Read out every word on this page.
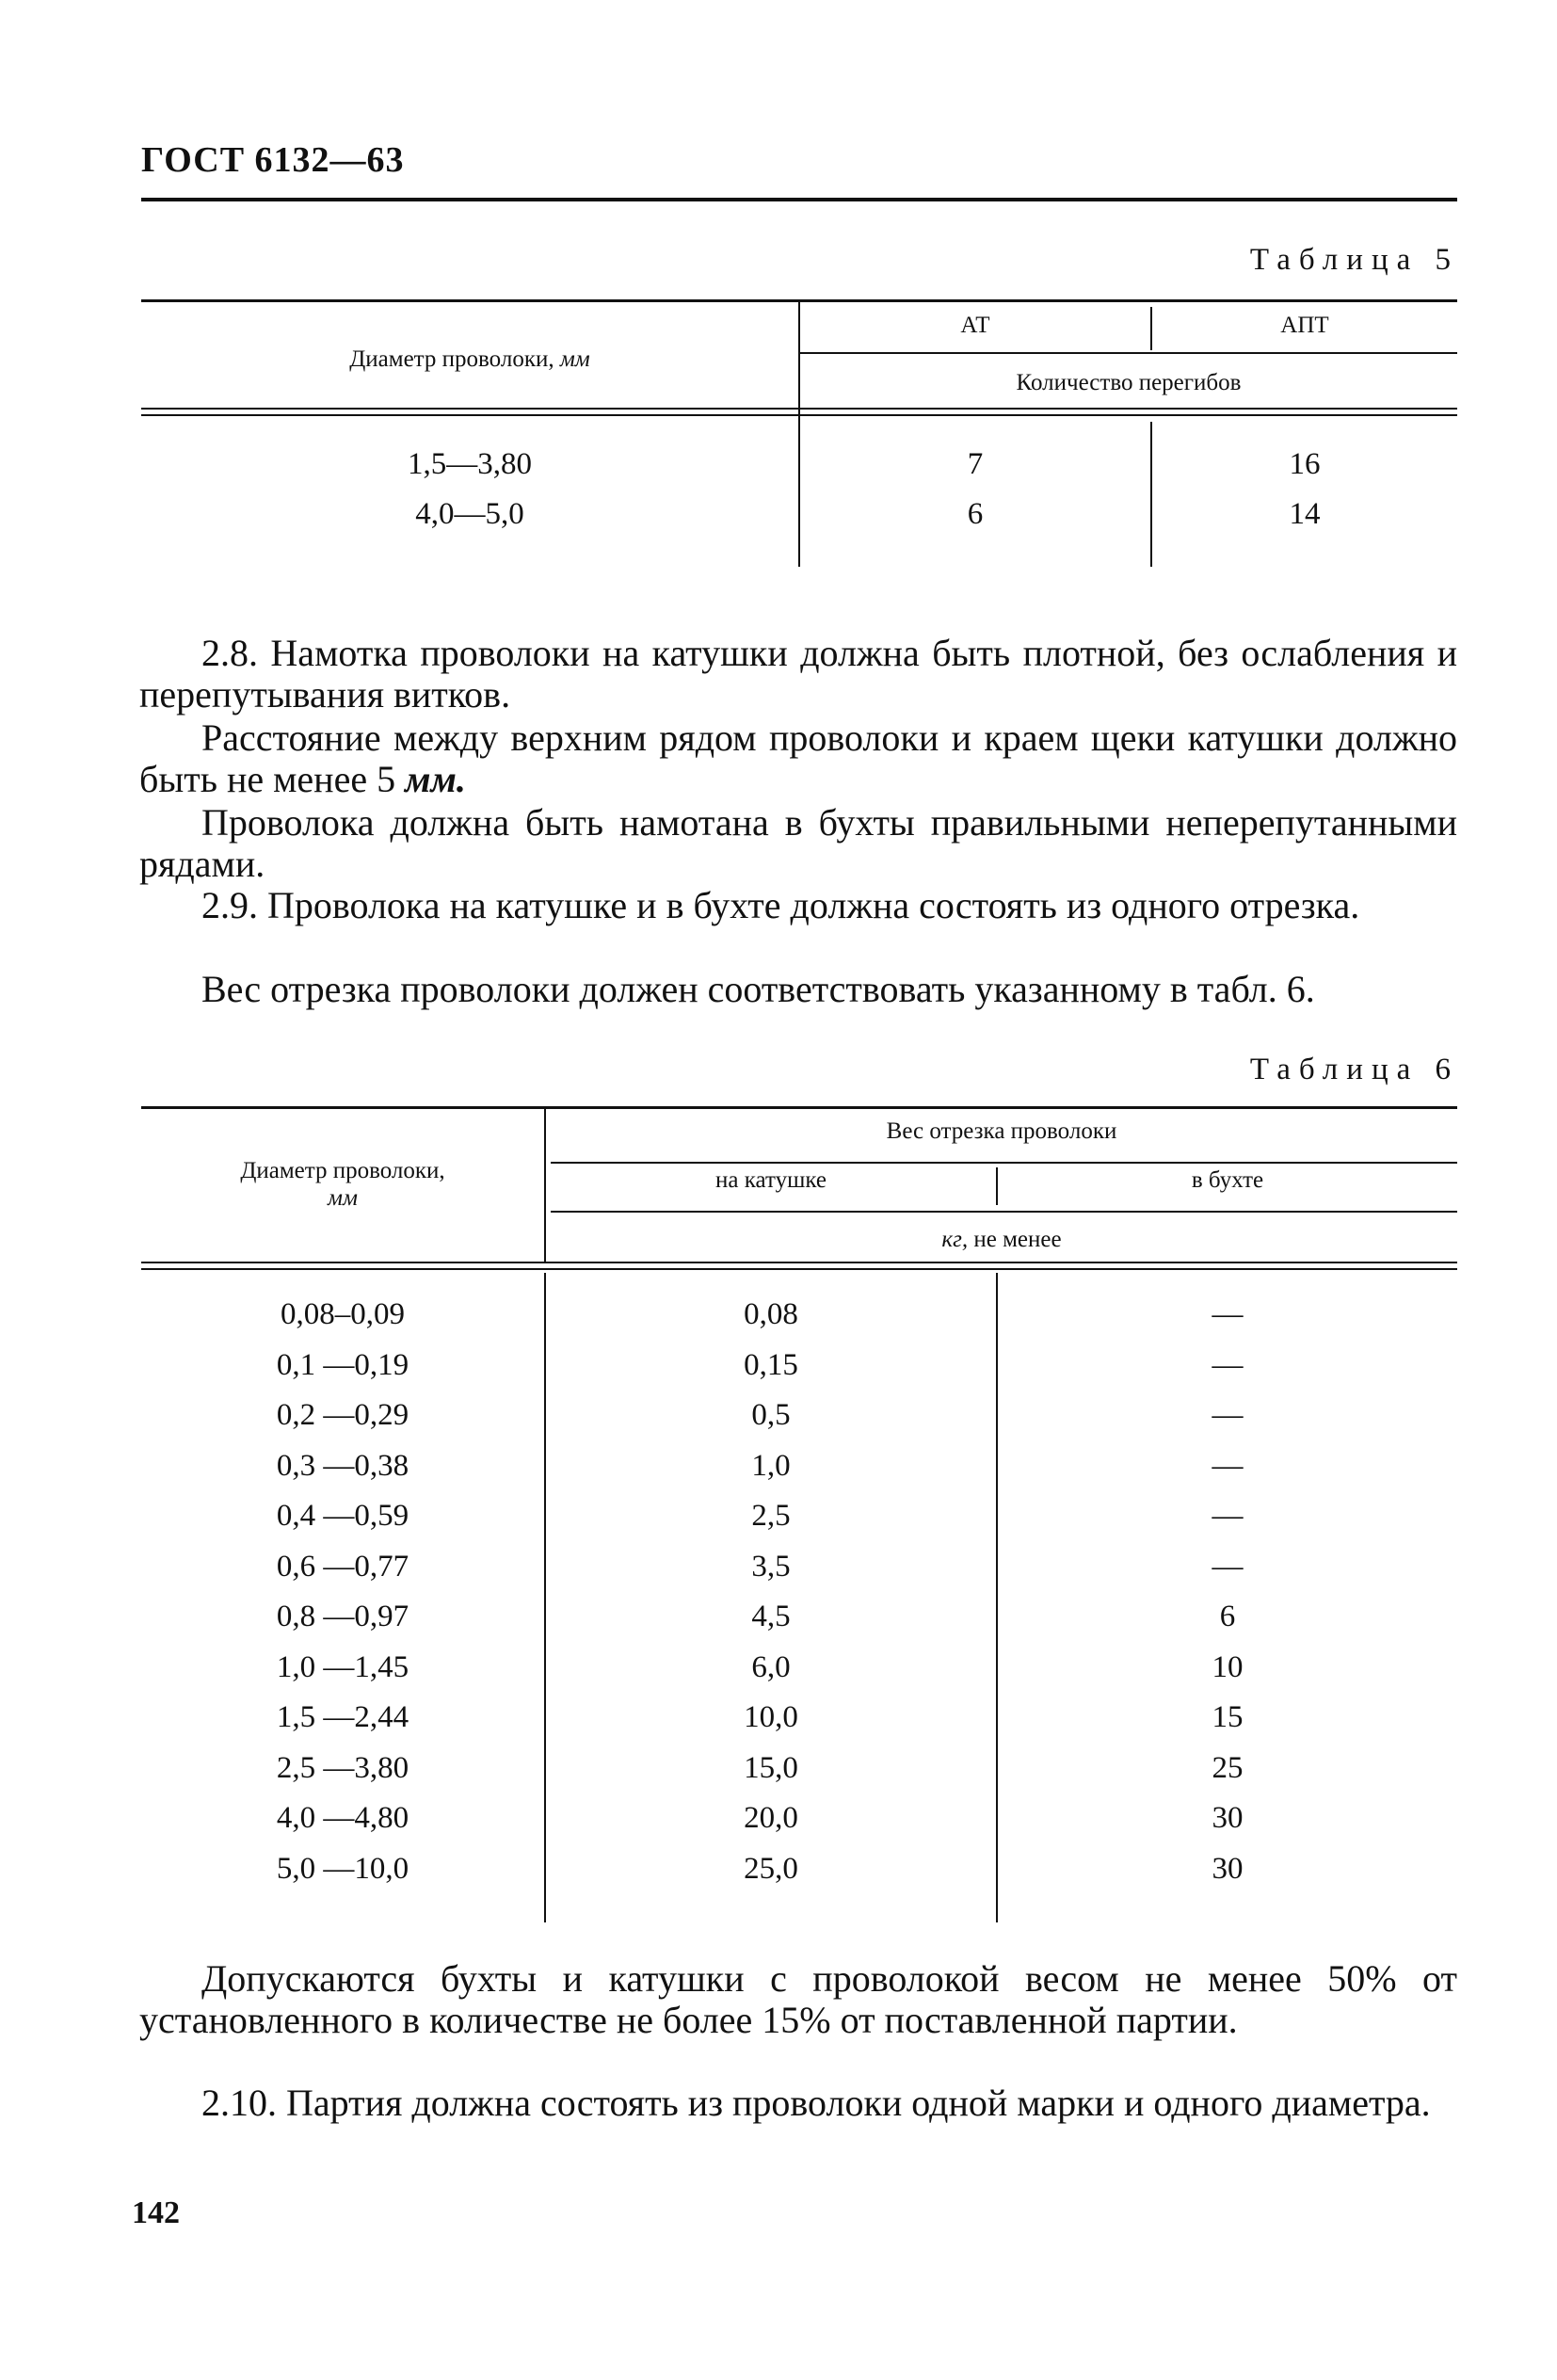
ГОСТ 6132—63
Таблица 5
Диаметр проволоки, мм
АТ	АПТ
Количество перегибов
1,5—3,80	7	16
4,0—5,0	6	14
2.8. Намотка проволоки на катушки должна быть плотной, без ослабления и перепутывания витков.
Расстояние между верхним рядом проволоки и краем щеки катушки должно быть не менее 5 мм.
Проволока должна быть намотана в бухты правильными неперепутанными рядами.
2.9. Проволока на катушке и в бухте должна состоять из одного отрезка.
Вес отрезка проволоки должен соответствовать указанному в табл. 6.
Таблица 6
Диаметр проволоки,
мм
Вес отрезка проволоки
на катушке	в бухте
кг, не менее
0,08–0,09	0,08	—
0,1 —0,19	0,15	—
0,2 —0,29	0,5	—
0,3 —0,38	1,0	—
0,4 —0,59	2,5	—
0,6 —0,77	3,5	—
0,8 —0,97	4,5	6
1,0 —1,45	6,0	10
1,5 —2,44	10,0	15
2,5 —3,80	15,0	25
4,0 —4,80	20,0	30
5,0 —10,0	25,0	30
Допускаются бухты и катушки с проволокой весом не менее 50% от установленного в количестве не более 15% от поставленной партии.
2.10. Партия должна состоять из проволоки одной марки и одного диаметра.
142
